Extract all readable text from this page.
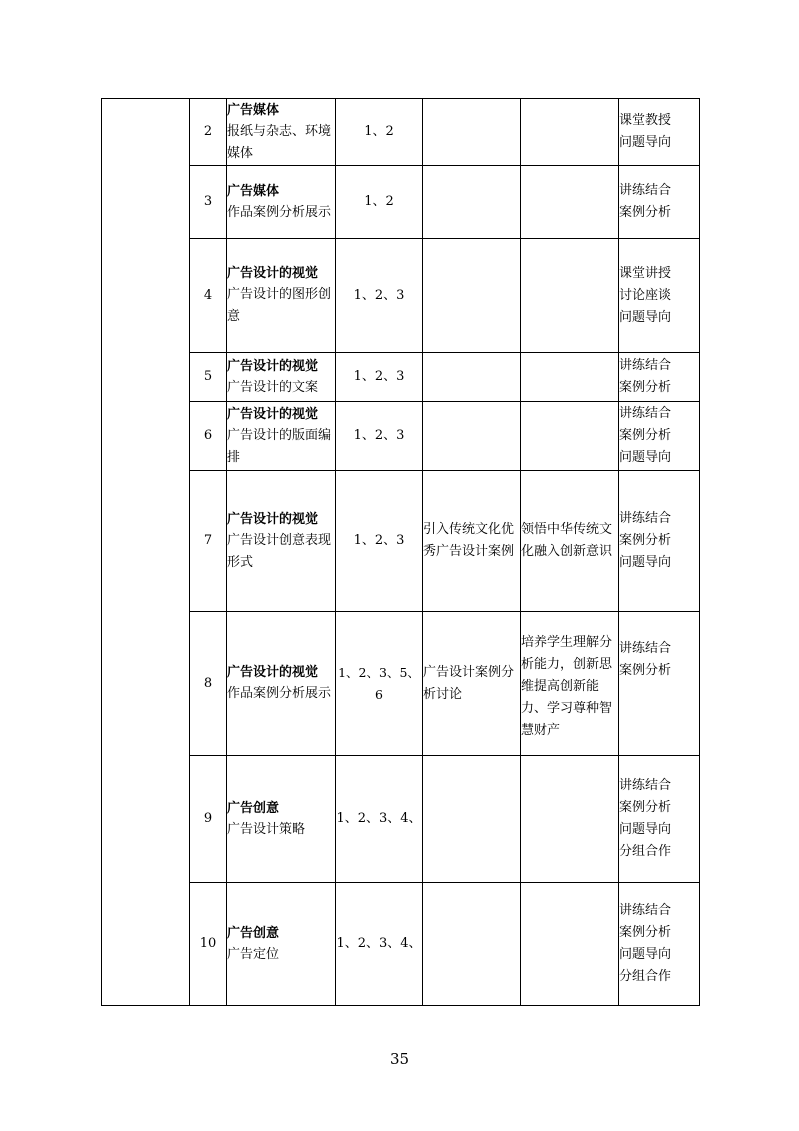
	2	广告媒体
报纸与杂志、环境媒体	1、2			课堂教授
问题导向

	3	广告媒体
作品案例分析展示	1、2			讲练结合
案例分析

	4	广告设计的视觉
广告设计的图形创意	1、2、3			课堂讲授
讨论座谈
问题导向

	5	广告设计的视觉
广告设计的文案	1、2、3			讲练结合
案例分析

	6	广告设计的视觉
广告设计的版面编排	1、2、3			讲练结合
案例分析
问题导向

	7	广告设计的视觉
广告设计创意表现形式	1、2、3	引入传统文化优秀广告设计案例	领悟中华传统文化融入创新意识	讲练结合
案例分析
问题导向

	8	广告设计的视觉
作品案例分析展示	1、2、3、5、6	广告设计案例分析讨论	培养学生理解分析能力，创新思维提高创新能力、学习尊种智慧财产	讲练结合
案例分析

	9	广告创意
广告设计策略	1、2、3、4、			讲练结合
案例分析
问题导向
分组合作

	10	广告创意
广告定位	1、2、3、4、			讲练结合
案例分析
问题导向
分组合作
35
